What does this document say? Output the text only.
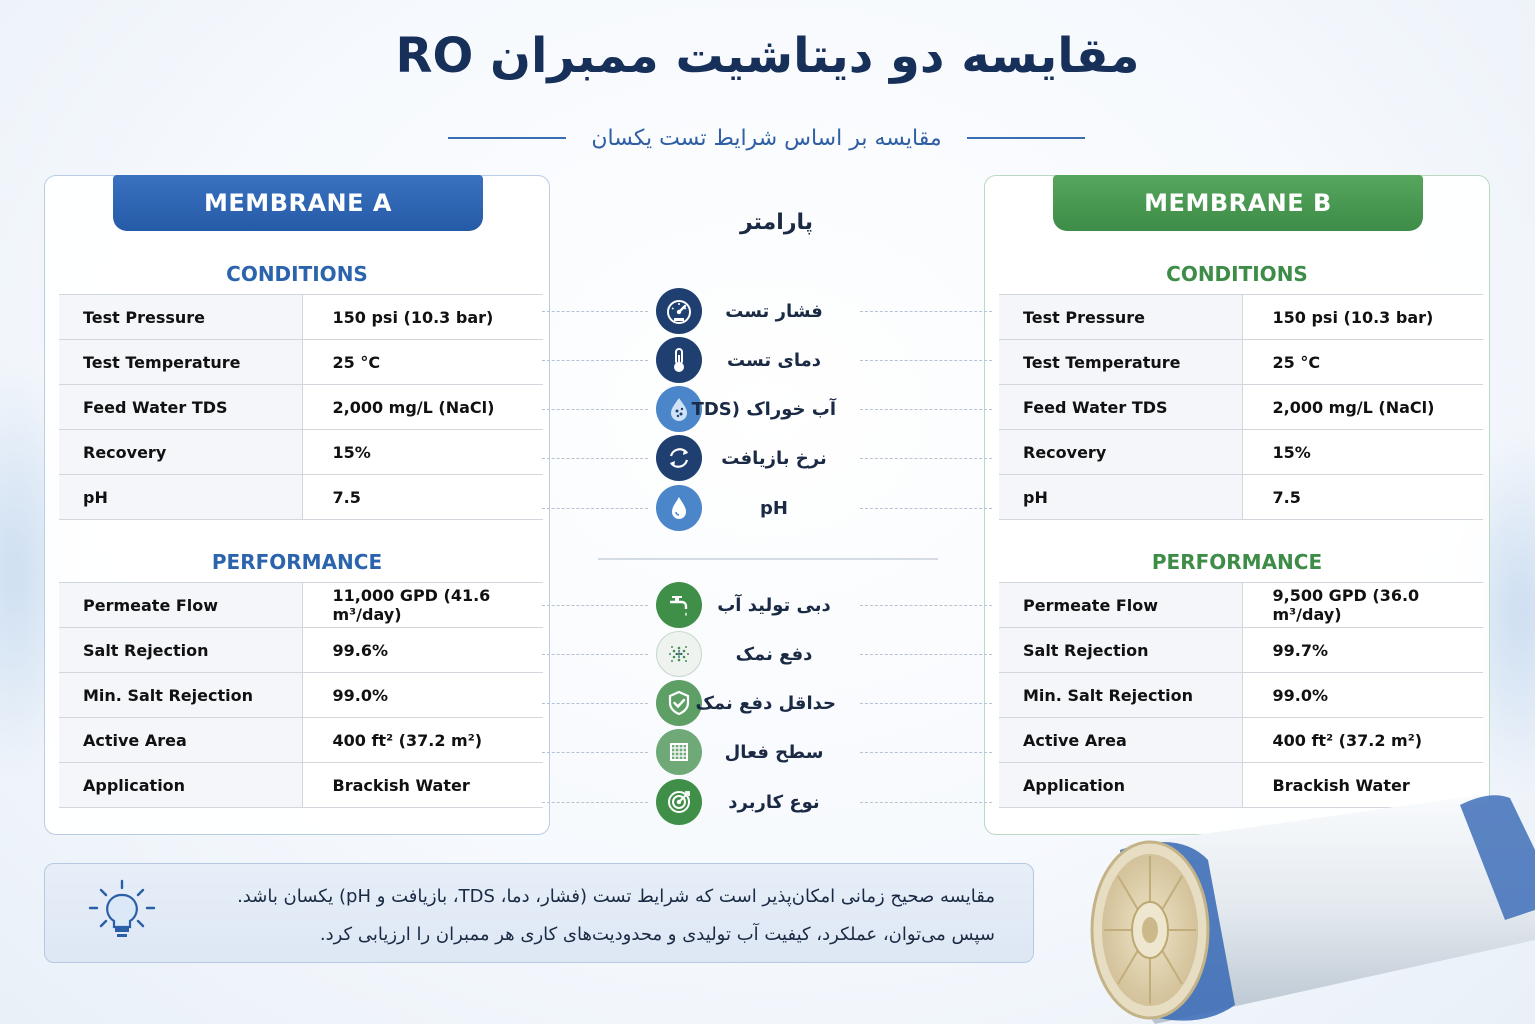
مقایسه دو دیتاشیت ممبران RO
مقایسه بر اساس شرایط تست یکسان
MEMBRANE A
CONDITIONS
Test Pressure	150 psi (10.3 bar)
Test Temperature	25 °C
Feed Water TDS	2,000 mg/L (NaCl)
Recovery	15%
pH	7.5
PERFORMANCE
Permeate Flow	11,000 GPD (41.6 m³/day)
Salt Rejection	99.6%
Min. Salt Rejection	99.0%
Active Area	400 ft² (37.2 m²)
Application	Brackish Water
MEMBRANE B
CONDITIONS
Test Pressure	150 psi (10.3 bar)
Test Temperature	25 °C
Feed Water TDS	2,000 mg/L (NaCl)
Recovery	15%
pH	7.5
PERFORMANCE
Permeate Flow	9,500 GPD (36.0 m³/day)
Salt Rejection	99.7%
Min. Salt Rejection	99.0%
Active Area	400 ft² (37.2 m²)
Application	Brackish Water
پارامتر
فشار تست
دمای تست
آب خوراک (TDS
نرخ بازیافت
pH
دبی تولید آب
دفع نمک
حداقل دفع نمک
سطح فعال
نوع کاربرد
مقایسه صحیح زمانی امکان‌پذیر است که شرایط تست (فشار، دما، TDS، بازیافت و pH) یکسان باشد.
سپس می‌توان، عملکرد، کیفیت آب تولیدی و محدودیت‌های کاری هر ممبران را ارزیابی کرد.
